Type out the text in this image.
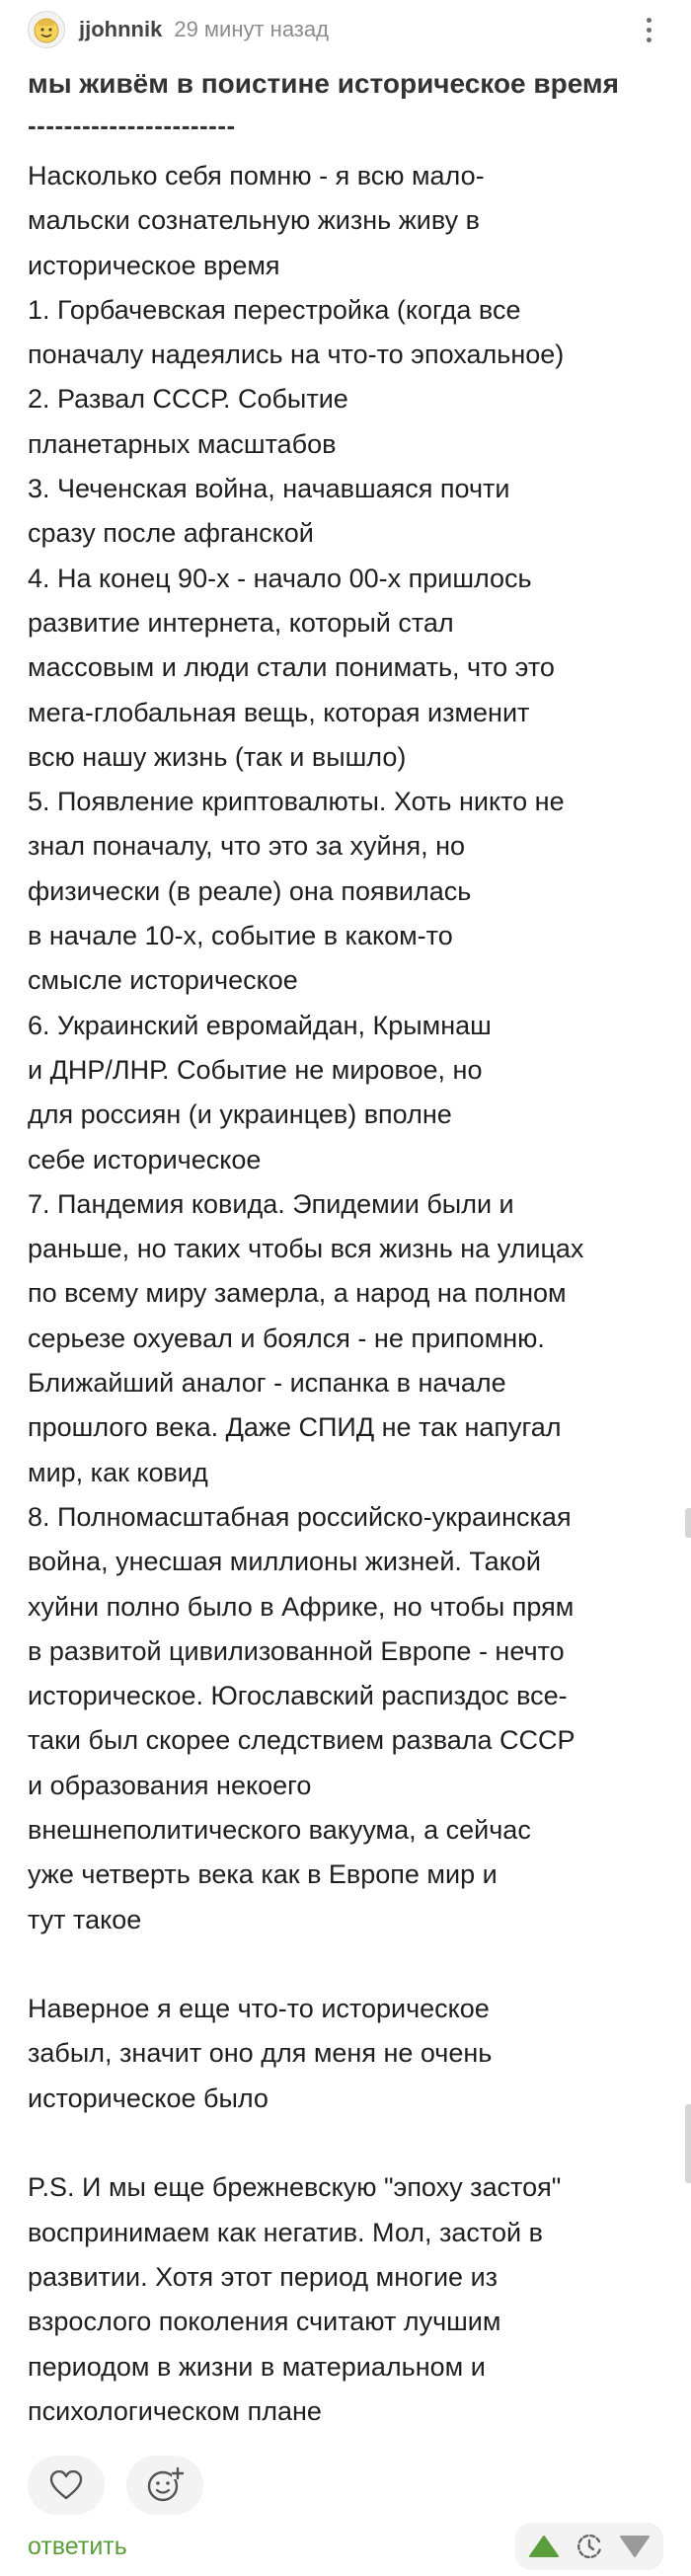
jjohnnik 29 минут назад
мы живём в поистине историческое время
-----------------------

Насколько себя помню - я всю мало-
мальски сознательную жизнь живу в
историческое время
1. Горбачевская перестройка (когда все
поначалу надеялись на что-то эпохальное)
2. Развал СССР. Событие
планетарных масштабов
3. Чеченская война, начавшаяся почти
сразу после афганской
4. На конец 90-х - начало 00-х пришлось
развитие интернета, который стал
массовым и люди стали понимать, что это
мега-глобальная вещь, которая изменит
всю нашу жизнь (так и вышло)
5. Появление криптовалюты. Хоть никто не
знал поначалу, что это за хуйня, но
физически (в реале) она появилась
в начале 10-х, событие в каком-то
смысле историческое
6. Украинский евромайдан, Крымнаш
и ДНР/ЛНР. Событие не мировое, но
для россиян (и украинцев) вполне
себе историческое
7. Пандемия ковида. Эпидемии были и
раньше, но таких чтобы вся жизнь на улицах
по всему миру замерла, а народ на полном
серьезе охуевал и боялся - не припомню.
Ближайший аналог - испанка в начале
прошлого века. Даже СПИД не так напугал
мир, как ковид
8. Полномасштабная российско-украинская
война, унесшая миллионы жизней. Такой
хуйни полно было в Африке, но чтобы прям
в развитой цивилизованной Европе - нечто
историческое. Югославский распиздос все-
таки был скорее следствием развала СССР
и образования некоего
внешнеполитического вакуума, а сейчас
уже четверть века как в Европе мир и
тут такое

Наверное я еще что-то историческое
забыл, значит оно для меня не очень
историческое было

P.S. И мы еще брежневскую "эпоху застоя"
воспринимаем как негатив. Мол, застой в
развитии. Хотя этот период многие из
взрослого поколения считают лучшим
периодом в жизни в материальном и
психологическом плане

ответить
